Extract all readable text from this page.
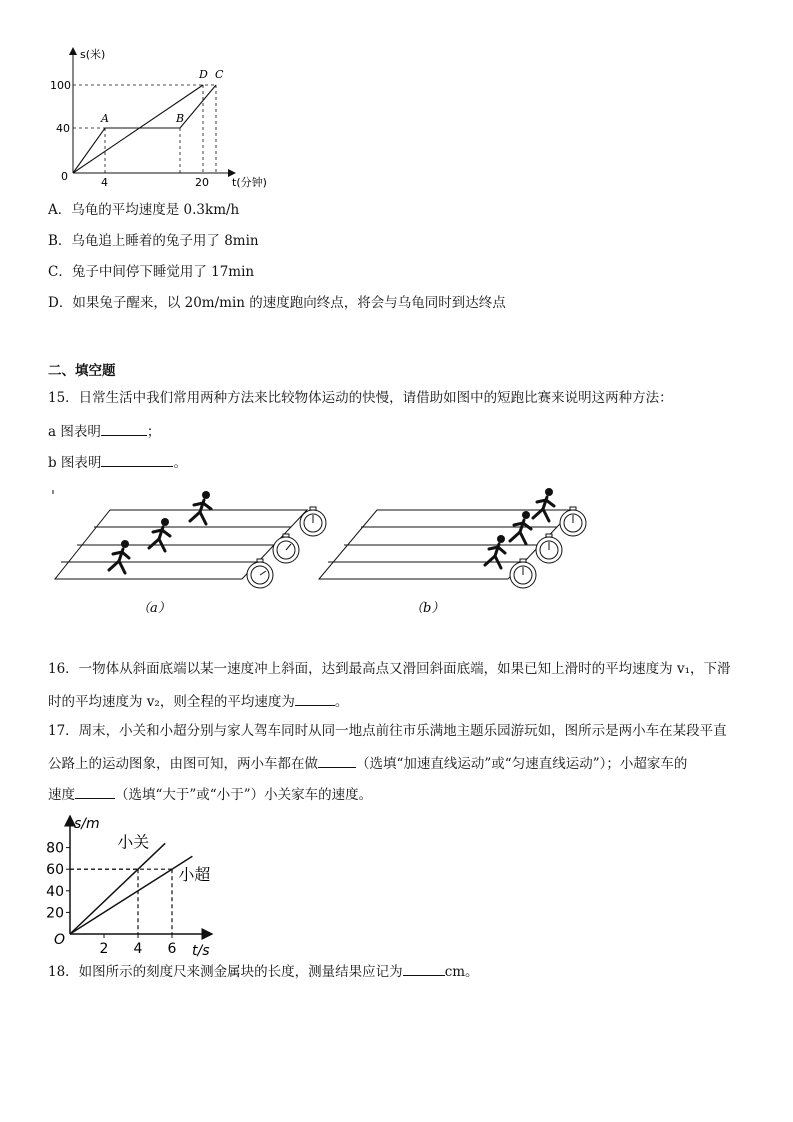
s(米)
t(分钟)
0
100
40
4	20
A	B
D C
A．乌龟的平均速度是 0.3km/h
B．乌龟追上睡着的兔子用了 8min
C．兔子中间停下睡觉用了 17min
D．如果兔子醒来，以 20m/min 的速度跑向终点，将会与乌龟同时到达终点
二、填空题
15．日常生活中我们常用两种方法来比较物体运动的快慢，请借助如图中的短跑比赛来说明这两种方法：
a 图表明	；
b 图表明	。
（a）	（b）
16．一物体从斜面底端以某一速度冲上斜面，达到最高点又滑回斜面底端，如果已知上滑时的平均速度为 v₁，下滑
时的平均速度为 v₂，则全程的平均速度为	。
17．周末，小关和小超分别与家人驾车同时从同一地点前往市乐满地主题乐园游玩如，图所示是两小车在某段平直
公路上的运动图象，由图可知，两小车都在做	（选填“加速直线运动”或“匀速直线运动”）；小超家车的
速度	（选填“大于”或“小于”）小关家车的速度。
20
40
60
80
2 4 6
小关
小超
s/m
t/s
O
18．如图所示的刻度尺来测金属块的长度，测量结果应记为	cm。
